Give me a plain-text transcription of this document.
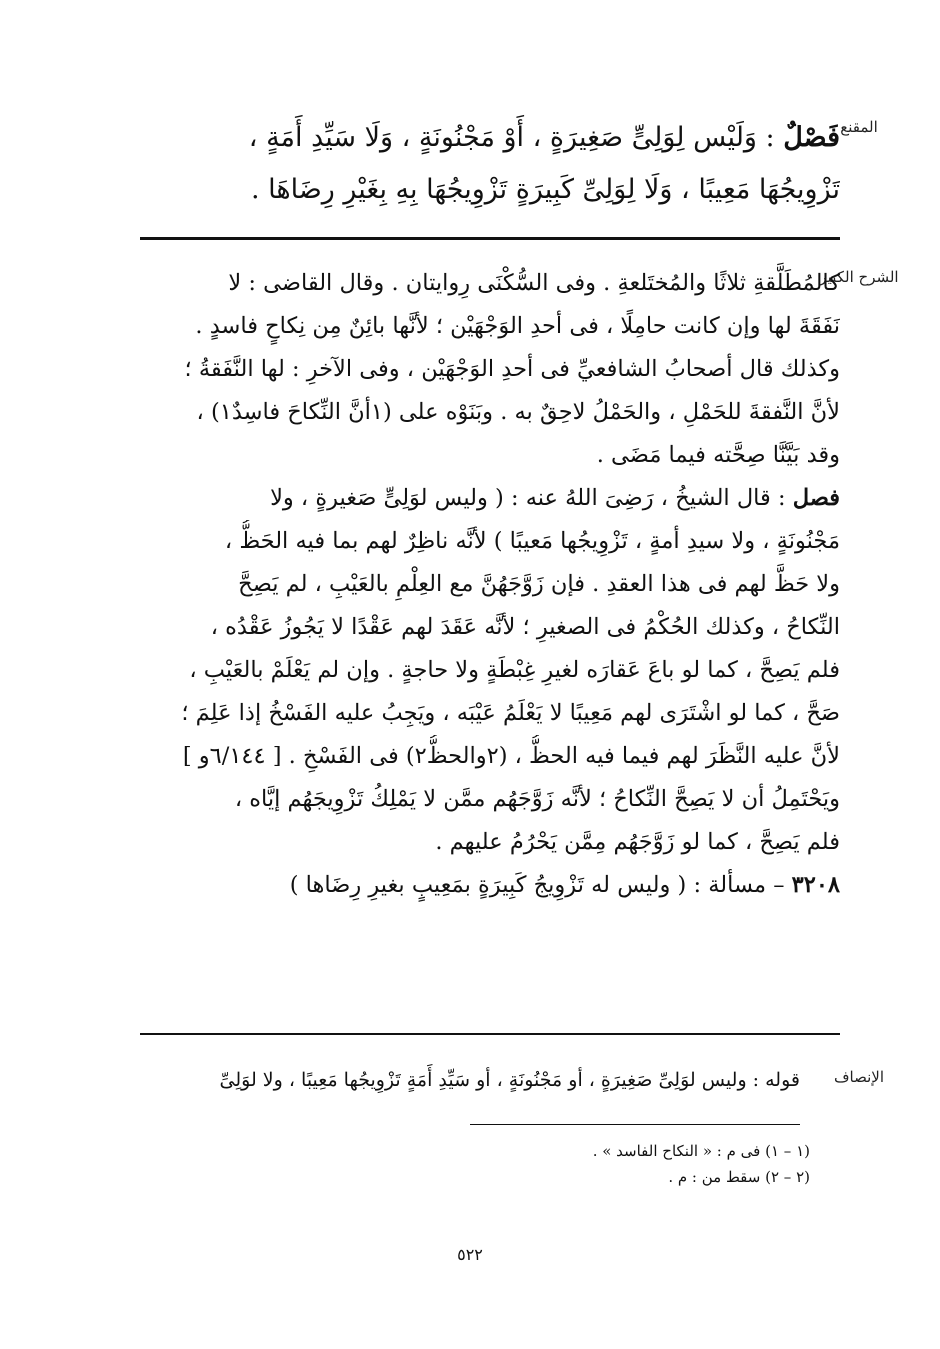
المقنع
فَصْلٌ : وَلَيْس لِوَلِىٍّ صَغِيرَةٍ ، أَوْ مَجْنُونَةٍ ، وَلَا سَيِّدِ أَمَةٍ ،
تَزْوِيجُهَا مَعِيبًا ، وَلَا لِوَلِىِّ كَبِيرَةٍ تَزْوِيجُهَا بِهِ بِغَيْرِ رِضَاهَا .
الشرح الكبير
كالمُطَلَّقةِ ثلاثًا والمُختَلعةِ . وفى السُّكْنَى رِوايتان . وقال القاضى : لا
نَفَقَةَ لها وإن كانت حامِلًا ، فى أحدِ الوَجْهَيْن ؛ لأنَّها بائِنٌ مِن نِكاحٍ فاسدٍ .
وكذلك قال أصحابُ الشافعيِّ فى أحدِ الوَجْهَيْن ، وفى الآخرِ : لها النَّفَقةُ ؛
لأنَّ النَّفقةَ للحَمْلِ ، والحَمْلُ لاحِقٌ به . وبَنَوْه على (١أنَّ النِّكاحَ فاسِدٌ١) ،
وقد بَيَّنَّا صِحَّته فيما مَضَى .
فصل : قال الشيخُ ، رَضِىَ اللهُ عنه : ( وليس لوَلِىٍّ صَغيرةٍ ، ولا
مَجْنُونَةٍ ، ولا سيدِ أمةٍ ، تَزْوِيجُها مَعيبًا ) لأنَّه ناظِرٌ لهم بما فيه الحَظُّ ،
ولا حَظَّ لهم فى هذا العقدِ . فإن زَوَّجَهُنَّ مع العِلْمِ بالعَيْبِ ، لم يَصِحَّ
النِّكاحُ ، وكذلك الحُكْمُ فى الصغيرِ ؛ لأنَّه عَقَدَ لهم عَقْدًا لا يَجُوزُ عَقْدُه ،
فلم يَصِحَّ ، كما لو باعَ عَقارَه لغيرِ غِبْطَةٍ ولا حاجةٍ . وإن لم يَعْلَمْ بالعَيْبِ ،
صَحَّ ، كما لو اشْتَرَى لهم مَعِيبًا لا يَعْلَمُ عَيْبَه ، ويَجِبُ عليه الفَسْخُ إذا عَلِمَ ؛
لأنَّ عليه النَّظَرَ لهم فيما فيه الحظُّ ، (٢والحظُّ٢) فى الفَسْخِ . [ ٦/١٤٤و ]
ويَحْتَمِلُ أن لا يَصِحَّ النِّكاحُ ؛ لأنَّه زَوَّجَهُم ممَّن لا يَمْلِكُ تَزْوِيجَهُم إيَّاه ،
فلم يَصِحَّ ، كما لو زَوَّجَهُم مِمَّن يَحْرُمُ عليهم .
٣٢٠٨ – مسألة : ( وليس له تَزْوِيجُ كَبِيرَةٍ بمَعِيبٍ بغيرِ رِضَاها )
الإنصاف
قوله : وليس لوَلِىِّ صَغِيرَةٍ ، أو مَجْنُونَةٍ ، أو سَيِّدِ أَمَةٍ تَزْوِيجُها مَعِيبًا ، ولا لوَلِىِّ
(١ – ١) فى م : « النكاح الفاسد » .
(٢ – ٢) سقط من : م .
٥٢٢
